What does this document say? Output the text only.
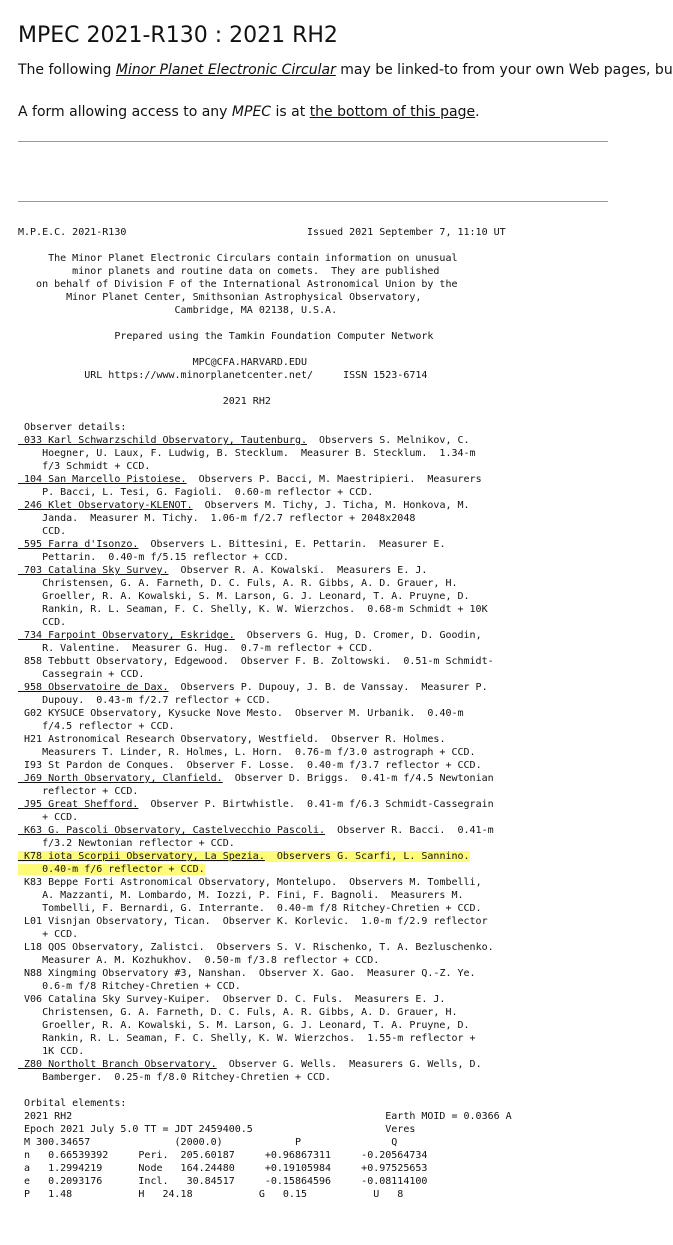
MPEC 2021-R130 : 2021 RH2

The following Minor Planet Electronic Circular may be linked-to from your own Web pages, bu

A form allowing access to any MPEC is at the bottom of this page.

M.P.E.C. 2021-R130                              Issued 2021 September 7, 11:10 UT

The Minor Planet Electronic Circulars contain information on unusual
minor planets and routine data on comets.  They are published
on behalf of Division F of the International Astronomical Union by the
Minor Planet Center, Smithsonian Astrophysical Observatory,
Cambridge, MA 02138, U.S.A.

Prepared using the Tamkin Foundation Computer Network

MPC@CFA.HARVARD.EDU
URL https://www.minorplanetcenter.net/     ISSN 1523-6714

2021 RH2

Observer details:
033 Karl Schwarzschild Observatory, Tautenburg.  Observers S. Melnikov, C.
Hoegner, U. Laux, F. Ludwig, B. Stecklum.  Measurer B. Stecklum.  1.34-m
f/3 Schmidt + CCD.
104 San Marcello Pistoiese.  Observers P. Bacci, M. Maestripieri.  Measurers
P. Bacci, L. Tesi, G. Fagioli.  0.60-m reflector + CCD.
246 Klet Observatory-KLENOT.  Observers M. Tichy, J. Ticha, M. Honkova, M.
Janda.  Measurer M. Tichy.  1.06-m f/2.7 reflector + 2048x2048
CCD.
595 Farra d'Isonzo.  Observers L. Bittesini, E. Pettarin.  Measurer E.
Pettarin.  0.40-m f/5.15 reflector + CCD.
703 Catalina Sky Survey.  Observer R. A. Kowalski.  Measurers E. J.
Christensen, G. A. Farneth, D. C. Fuls, A. R. Gibbs, A. D. Grauer, H.
Groeller, R. A. Kowalski, S. M. Larson, G. J. Leonard, T. A. Pruyne, D.
Rankin, R. L. Seaman, F. C. Shelly, K. W. Wierzchos.  0.68-m Schmidt + 10K
CCD.
734 Farpoint Observatory, Eskridge.  Observers G. Hug, D. Cromer, D. Goodin,
R. Valentine.  Measurer G. Hug.  0.7-m reflector + CCD.
858 Tebbutt Observatory, Edgewood.  Observer F. B. Zoltowski.  0.51-m Schmidt-
Cassegrain + CCD.
958 Observatoire de Dax.  Observers P. Dupouy, J. B. de Vanssay.  Measurer P.
Dupouy.  0.43-m f/2.7 reflector + CCD.
G02 KYSUCE Observatory, Kysucke Nove Mesto.  Observer M. Urbanik.  0.40-m
f/4.5 reflector + CCD.
H21 Astronomical Research Observatory, Westfield.  Observer R. Holmes.
Measurers T. Linder, R. Holmes, L. Horn.  0.76-m f/3.0 astrograph + CCD.
I93 St Pardon de Conques.  Observer F. Losse.  0.40-m f/3.7 reflector + CCD.
J69 North Observatory, Clanfield.  Observer D. Briggs.  0.41-m f/4.5 Newtonian
reflector + CCD.
J95 Great Shefford.  Observer P. Birtwhistle.  0.41-m f/6.3 Schmidt-Cassegrain
+ CCD.
K63 G. Pascoli Observatory, Castelvecchio Pascoli.  Observer R. Bacci.  0.41-m
f/3.2 Newtonian reflector + CCD.
K78 iota Scorpii Observatory, La Spezia.  Observers G. Scarfi, L. Sannino.
0.40-m f/6 reflector + CCD.
K83 Beppe Forti Astronomical Observatory, Montelupo.  Observers M. Tombelli,
A. Mazzanti, M. Lombardo, M. Iozzi, P. Fini, F. Bagnoli.  Measurers M.
Tombelli, F. Bernardi, G. Interrante.  0.40-m f/8 Ritchey-Chretien + CCD.
L01 Visnjan Observatory, Tican.  Observer K. Korlevic.  1.0-m f/2.9 reflector
+ CCD.
L18 QOS Observatory, Zalistci.  Observers S. V. Rischenko, T. A. Bezluschenko.
Measurer A. M. Kozhukhov.  0.50-m f/3.8 reflector + CCD.
N88 Xingming Observatory #3, Nanshan.  Observer X. Gao.  Measurer Q.-Z. Ye.
0.6-m f/8 Ritchey-Chretien + CCD.
V06 Catalina Sky Survey-Kuiper.  Observer D. C. Fuls.  Measurers E. J.
Christensen, G. A. Farneth, D. C. Fuls, A. R. Gibbs, A. D. Grauer, H.
Groeller, R. A. Kowalski, S. M. Larson, G. J. Leonard, T. A. Pruyne, D.
Rankin, R. L. Seaman, F. C. Shelly, K. W. Wierzchos.  1.55-m reflector +
1K CCD.
Z80 Northolt Branch Observatory.  Observer G. Wells.  Measurers G. Wells, D.
Bamberger.  0.25-m f/8.0 Ritchey-Chretien + CCD.

Orbital elements:
2021 RH2                                                    Earth MOID = 0.0366 A
Epoch 2021 July 5.0 TT = JDT 2459400.5                      Veres
M 300.34657              (2000.0)            P               Q
n   0.66539392     Peri.  205.60187     +0.96867311     -0.20564734
a   1.2994219      Node   164.24480     +0.19105984     +0.97525653
e   0.2093176      Incl.   30.84517     -0.15864596     -0.08114100
P   1.48           H   24.18           G   0.15           U   8
